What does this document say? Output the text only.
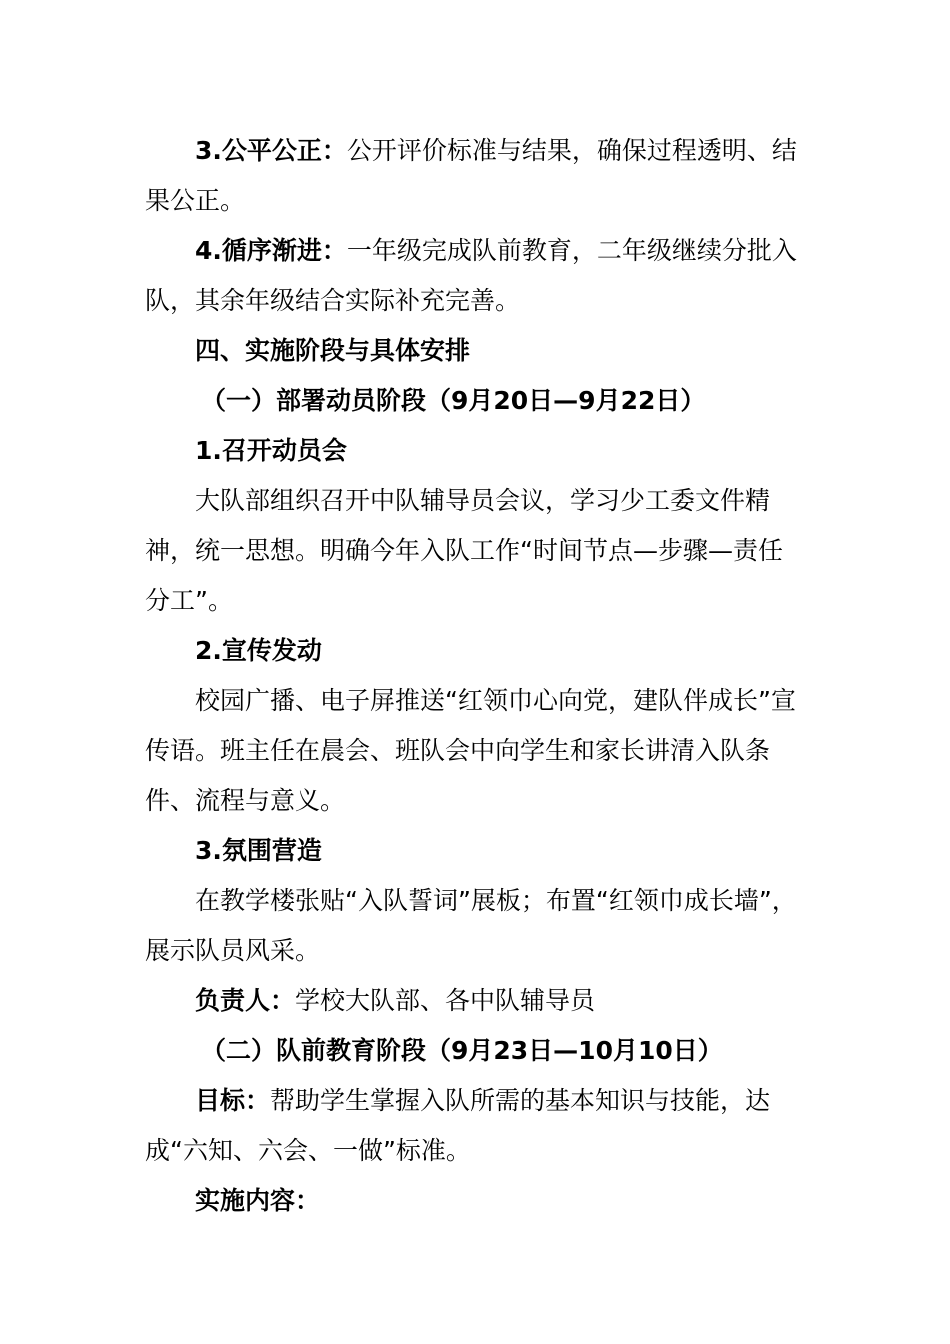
3.公平公正：公开评价标准与结果，确保过程透明、结果公正。

4.循序渐进：一年级完成队前教育，二年级继续分批入队，其余年级结合实际补充完善。

四、实施阶段与具体安排

（一）部署动员阶段（9月20日—9月22日）

1.召开动员会

大队部组织召开中队辅导员会议，学习少工委文件精神，统一思想。明确今年入队工作“时间节点—步骤—责任分工”。

2.宣传发动

校园广播、电子屏推送“红领巾心向党，建队伴成长”宣传语。班主任在晨会、班队会中向学生和家长讲清入队条件、流程与意义。

3.氛围营造

在教学楼张贴“入队誓词”展板；布置“红领巾成长墙”，展示队员风采。

负责人：学校大队部、各中队辅导员

（二）队前教育阶段（9月23日—10月10日）

目标：帮助学生掌握入队所需的基本知识与技能，达成“六知、六会、一做”标准。

实施内容：
